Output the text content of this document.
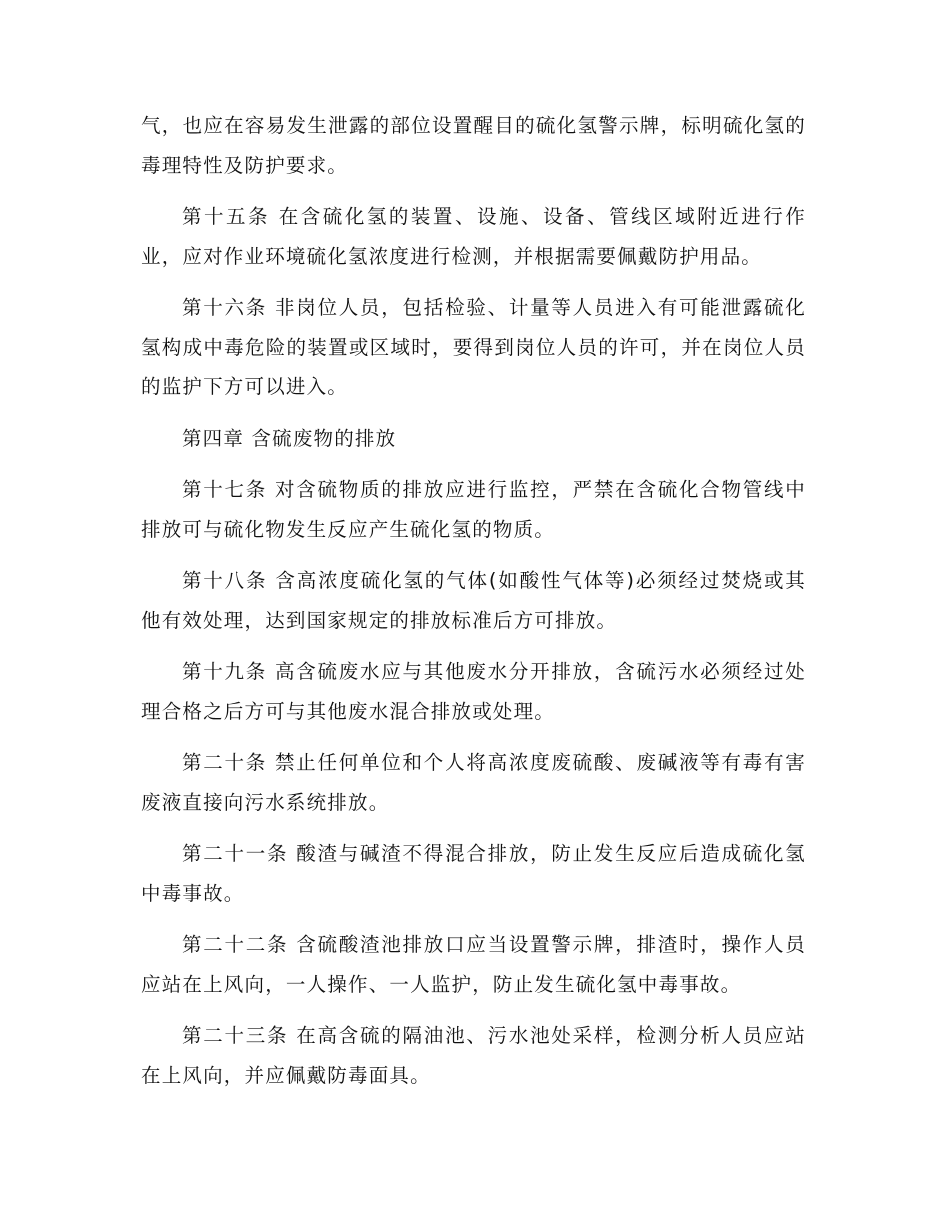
气，也应在容易发生泄露的部位设置醒目的硫化氢警示牌，标明硫化氢的毒理特性及防护要求。

第十五条 在含硫化氢的装置、设施、设备、管线区域附近进行作业，应对作业环境硫化氢浓度进行检测，并根据需要佩戴防护用品。

第十六条 非岗位人员，包括检验、计量等人员进入有可能泄露硫化氢构成中毒危险的装置或区域时，要得到岗位人员的许可，并在岗位人员的监护下方可以进入。

第四章 含硫废物的排放

第十七条 对含硫物质的排放应进行监控，严禁在含硫化合物管线中排放可与硫化物发生反应产生硫化氢的物质。

第十八条 含高浓度硫化氢的气体(如酸性气体等)必须经过焚烧或其他有效处理，达到国家规定的排放标准后方可排放。

第十九条 高含硫废水应与其他废水分开排放，含硫污水必须经过处理合格之后方可与其他废水混合排放或处理。

第二十条 禁止任何单位和个人将高浓度废硫酸、废碱液等有毒有害废液直接向污水系统排放。

第二十一条 酸渣与碱渣不得混合排放，防止发生反应后造成硫化氢中毒事故。

第二十二条 含硫酸渣池排放口应当设置警示牌，排渣时，操作人员应站在上风向，一人操作、一人监护，防止发生硫化氢中毒事故。

第二十三条 在高含硫的隔油池、污水池处采样，检测分析人员应站在上风向，并应佩戴防毒面具。
